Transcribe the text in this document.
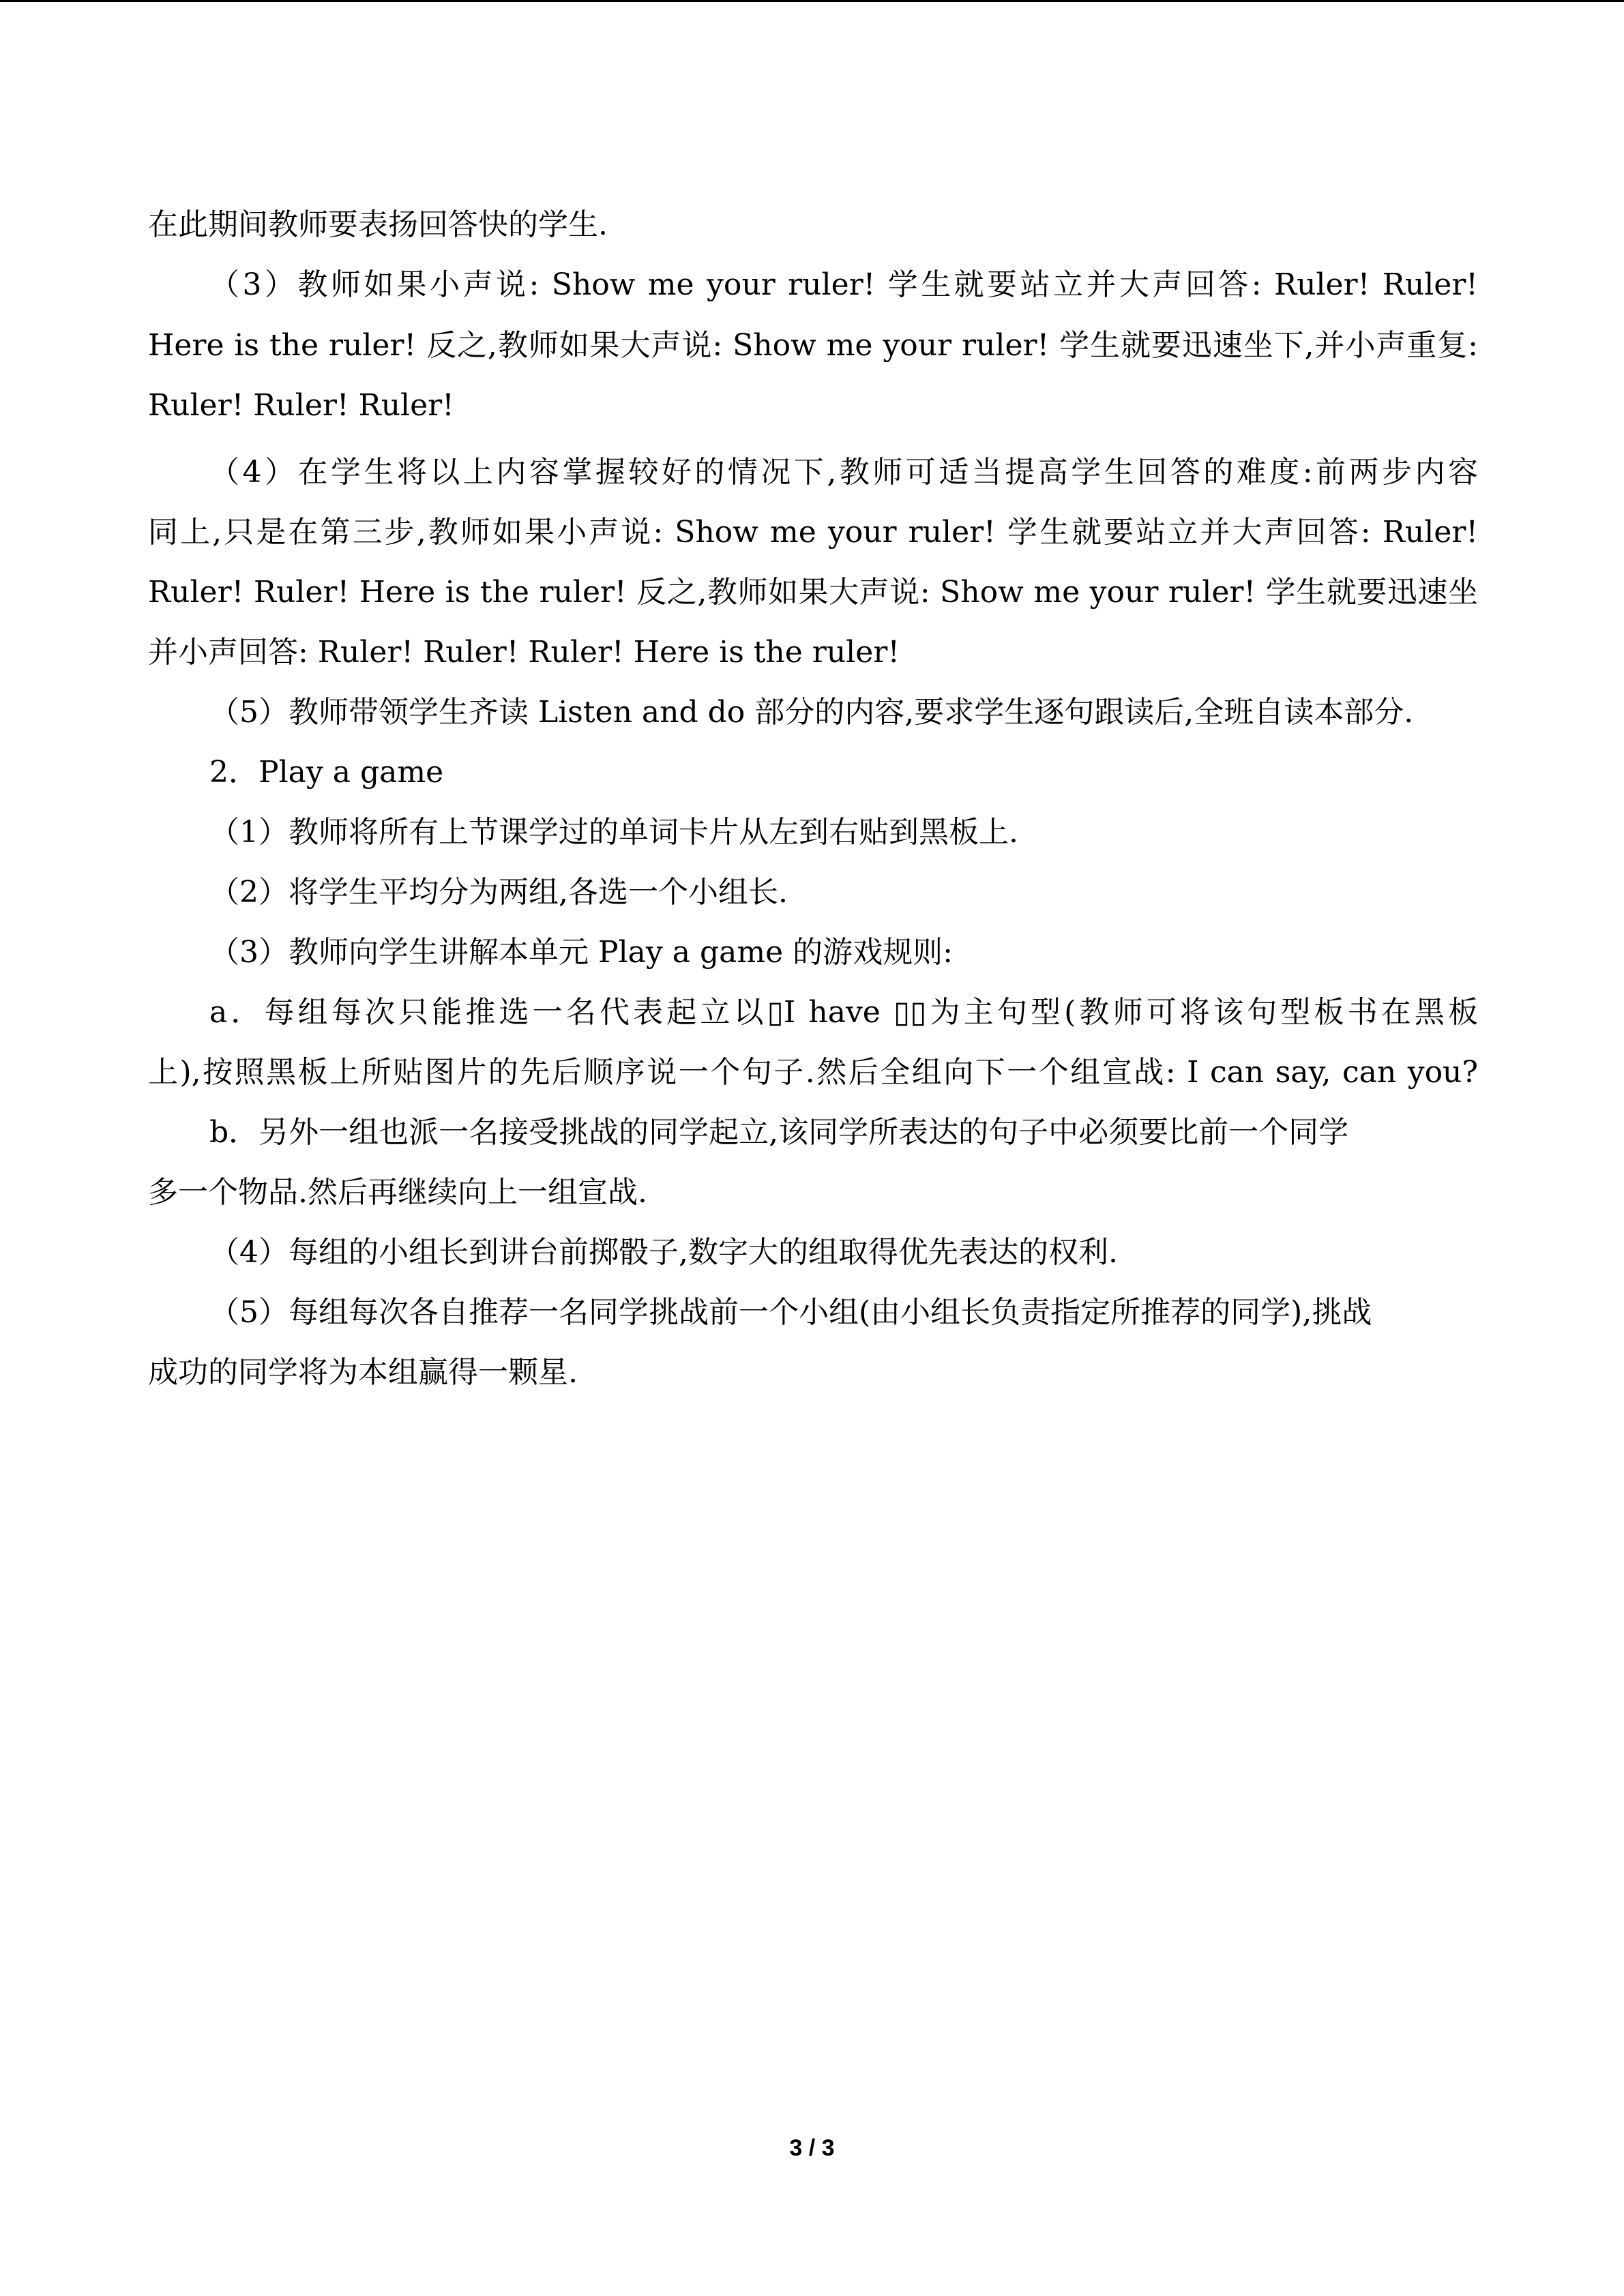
在此期间教师要表扬回答快的学生.
（3）教师如果小声说: Show me your ruler! 学生就要站立并大声回答: Ruler! Ruler!
Here is the ruler! 反之,教师如果大声说: Show me your ruler! 学生就要迅速坐下,并小声重复:
Ruler! Ruler! Ruler!
（4）在学生将以上内容掌握较好的情况下,教师可适当提高学生回答的难度:前两步内容
同上,只是在第三步,教师如果小声说: Show me your ruler! 学生就要站立并大声回答: Ruler!
Ruler! Ruler! Here is the ruler! 反之,教师如果大声说: Show me your ruler! 学生就要迅速坐
并小声回答: Ruler! Ruler! Ruler! Here is the ruler!
（5）教师带领学生齐读 Listen and do 部分的内容,要求学生逐句跟读后,全班自读本部分.
2．Play a game
（1）教师将所有上节课学过的单词卡片从左到右贴到黑板上.
（2）将学生平均分为两组,各选一个小组长.
（3）教师向学生讲解本单元 Play a game 的游戏规则:
a．每组每次只能推选一名代表起立以▯I have ▯▯为主句型(教师可将该句型板书在黑板
上),按照黑板上所贴图片的先后顺序说一个句子.然后全组向下一个组宣战: I can say, can you?
b．另外一组也派一名接受挑战的同学起立,该同学所表达的句子中必须要比前一个同学
多一个物品.然后再继续向上一组宣战.
（4）每组的小组长到讲台前掷骰子,数字大的组取得优先表达的权利.
（5）每组每次各自推荐一名同学挑战前一个小组(由小组长负责指定所推荐的同学),挑战
成功的同学将为本组赢得一颗星.
3 / 3
